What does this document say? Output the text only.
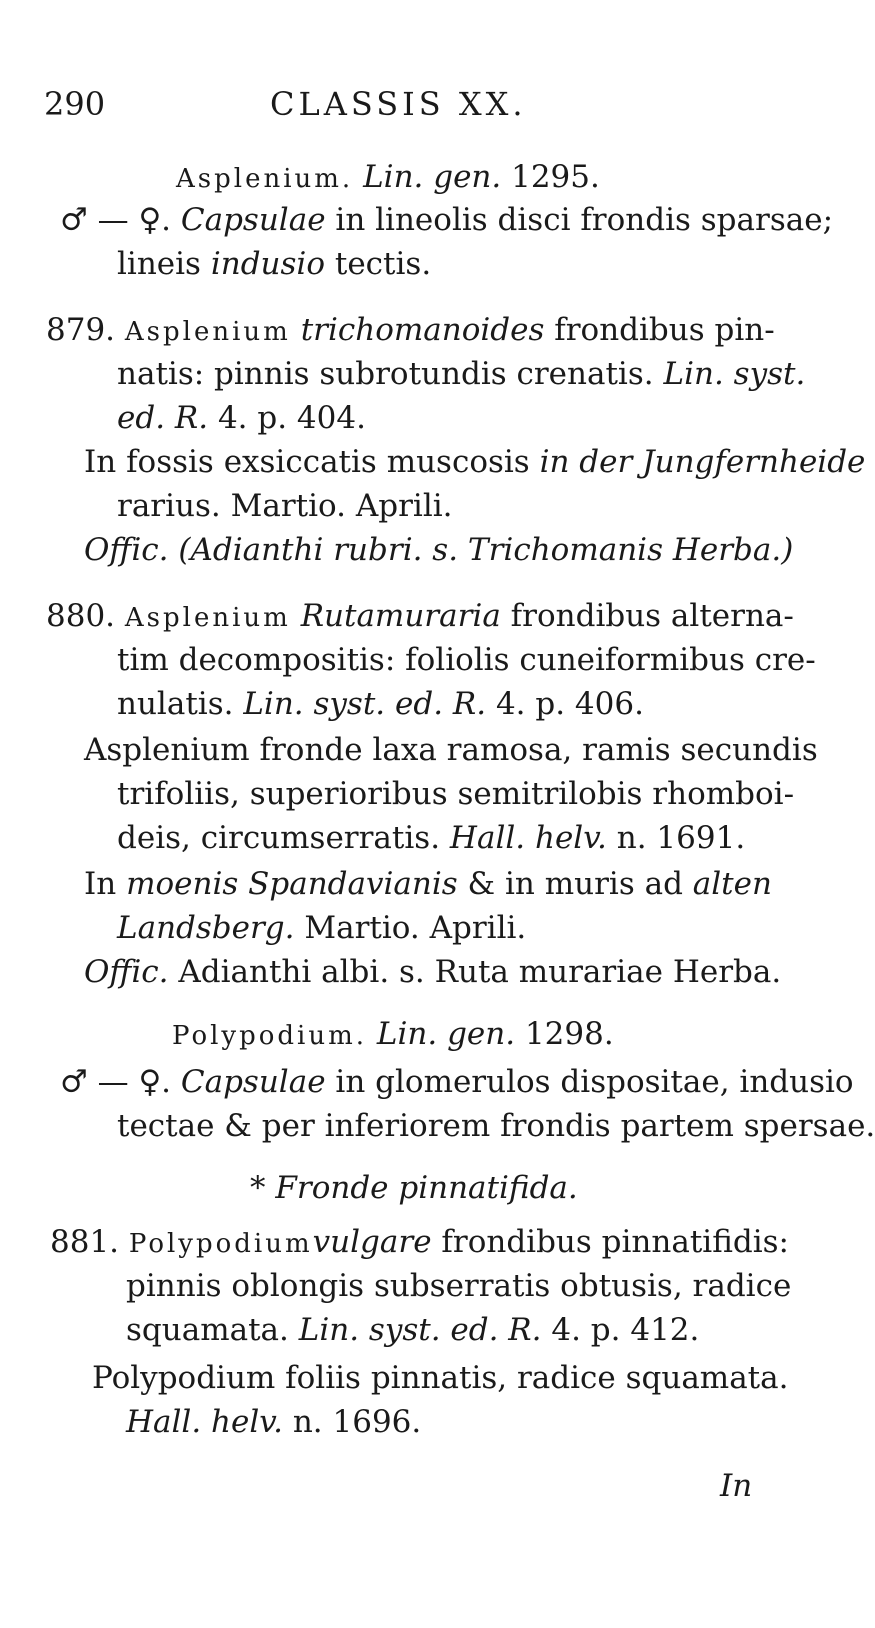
290	CLASSIS XX.
Asplenium. Lin. gen. 1295.
♂ — ♀. Capsulae in lineolis disci frondis sparsae;
lineis indusio tectis.
879. Asplenium trichomanoides frondibus pin-
natis: pinnis subrotundis crenatis. Lin. syst.
ed. R. 4. p. 404.
In fossis exsiccatis muscosis in der Jungfernheide
rarius. Martio. Aprili.
Offic. (Adianthi rubri. s. Trichomanis Herba.)
880. Asplenium Rutamuraria frondibus alterna-
tim decompositis: foliolis cuneiformibus cre-
nulatis. Lin. syst. ed. R. 4. p. 406.
Asplenium fronde laxa ramosa, ramis secundis
trifoliis, superioribus semitrilobis rhomboi-
deis, circumserratis. Hall. helv. n. 1691.
In moenis Spandavianis & in muris ad alten
Landsberg. Martio. Aprili.
Offic. Adianthi albi. s. Ruta murariae Herba.
Polypodium. Lin. gen. 1298.
♂ — ♀. Capsulae in glomerulos dispositae, indusio
tectae & per inferiorem frondis partem spersae.
* Fronde pinnatifida.
881. Polypodiumvulgare frondibus pinnatifidis:
pinnis oblongis subserratis obtusis, radice
squamata. Lin. syst. ed. R. 4. p. 412.
Polypodium foliis pinnatis, radice squamata.
Hall. helv. n. 1696.
In
